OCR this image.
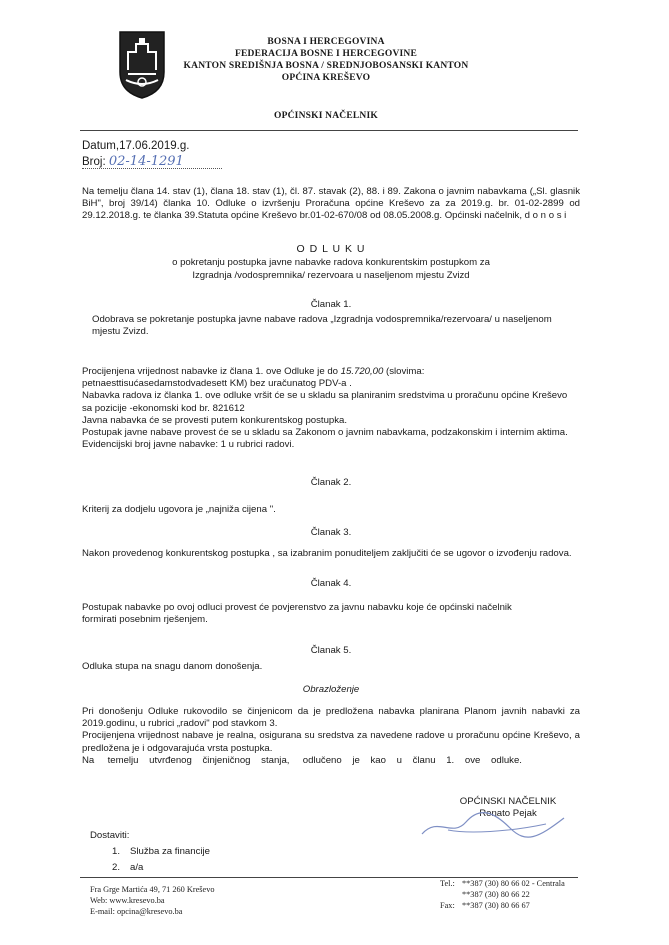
BOSNA I HERCEGOVINA
FEDERACIJA BOSNE I HERCEGOVINE
KANTON SREDIŠNJA BOSNA / SREDNJOBOSANSKI KANTON
OPĆINA KREŠEVO
OPĆINSKI NAČELNIK
Datum,17.06.2019.g.
Broj: 02-14-1291
Na temelju člana 14. stav (1), člana 18. stav (1), čl. 87. stavak (2), 88. i 89. Zakona o javnim nabavkama („Sl. glasnik BiH", broj 39/14) članka 10. Odluke o izvršenju Proračuna općine Kreševo za za 2019.g. br. 01-02-2899 od 29.12.2018.g. te članka 39.Statuta općine Kreševo br.01-02-670/08 od 08.05.2008.g. Općinski načelnik, d o n o s i
O D L U K U
o pokretanju postupka javne nabavke radova konkurentskim postupkom za
Izgradnja /vodospremnika/ rezervoara u naseljenom mjestu Zvizd
Članak 1.
Odobrava se pokretanje postupka javne nabave radova „Izgradnja vodospremnika/rezervoara/ u naseljenom mjestu Zvizd.
Procijenjena vrijednost nabavke iz člana 1. ove Odluke je do 15.720,00 (slovima: petnaesttisućasedamstodvadesett KM) bez uračunatog PDV-a .
Nabavka radova iz članka 1. ove odluke vršit će se u skladu sa planiranim sredstvima u proračunu općine Kreševo sa pozicije -ekonomski kod br. 821612
Javna nabavka će se provesti putem konkurentskog postupka.
Postupak javne nabave provest će se u skladu sa Zakonom o javnim nabavkama, podzakonskim i internim aktima.
Evidencijski broj javne nabavke: 1 u rubrici radovi.
Članak 2.
Kriterij za dodjelu ugovora je „najniža cijena ".
Članak 3.
Nakon provedenog konkurentskog postupka , sa izabranim ponuditeljem zaključiti će se ugovor o izvođenju radova.
Članak 4.
Postupak nabavke po ovoj odluci provest će povjerenstvo za javnu nabavku koje će općinski načelnik formirati posebnim rješenjem.
Članak 5.
Odluka stupa na snagu danom donošenja.
Obrazloženje
Pri donošenju Odluke rukovodilo se činjenicom da je predložena nabavka planirana Planom javnih nabavki za 2019.godinu, u rubrici „radovi" pod stavkom 3.
Procijenjena vrijednost nabave je realna, osigurana su sredstva za navedene radove u proračunu općine Kreševo, a predložena je i odgovarajuća vrsta postupka.
Na     temelju    utvrđenog    činjeničnog    stanja,     odlučeno    je    kao    u    članu    1.    ove    odluke.
OPĆINSKI NAČELNIK
Renato Pejak
Dostaviti:
1. Služba za financije
2. a/a
Fra Grge Martića 49, 71 260 Kreševo
Web: www.kresevo.ba
E-mail: opcina@kresevo.ba
Tel.: **387 (30) 80 66 02 - Centrala
**387 (30) 80 66 22
Fax: **387 (30) 80 66 67
